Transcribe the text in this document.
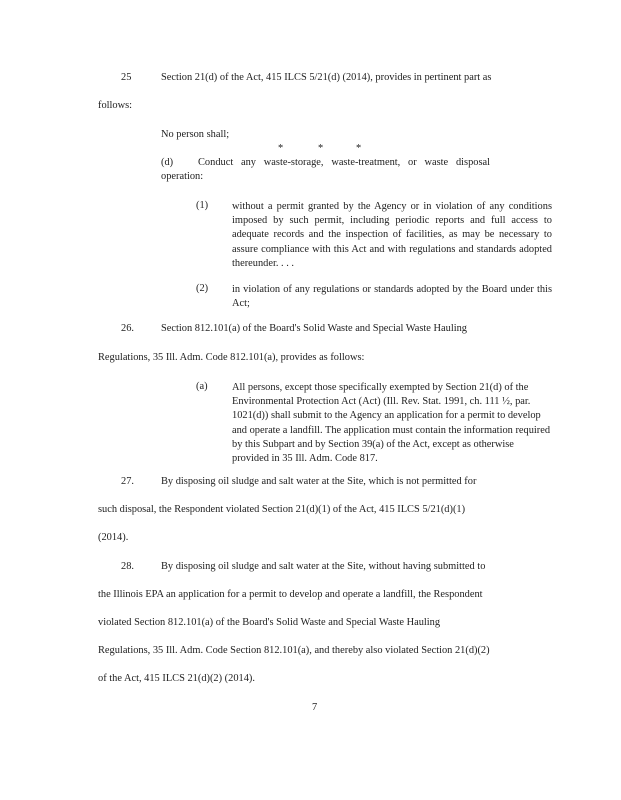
25	Section 21(d) of the Act, 415 ILCS 5/21(d) (2014), provides in pertinent part as
follows:
No person shall;
*	*	*
(d) Conduct   any   waste-storage,   waste-treatment,   or   waste   disposal
operation:
(1) without a permit granted by the Agency or in violation of any conditions imposed by such permit, including periodic reports and full access to adequate records and the inspection of facilities, as may be necessary to assure compliance with this Act and with regulations and standards adopted thereunder. . . .
(2) in violation of any regulations or standards adopted by the Board under this Act;
26.	Section 812.101(a) of the Board's Solid Waste and Special Waste Hauling
Regulations, 35 Ill. Adm. Code 812.101(a), provides as follows:
(a) All persons, except those specifically exempted by Section 21(d) of the Environmental Protection Act (Act) (Ill. Rev. Stat. 1991, ch. 111 ½, par. 1021(d)) shall submit to the Agency an application for a permit to develop and operate a landfill. The application must contain the information required by this Subpart and by Section 39(a) of the Act, except as otherwise provided in 35 Ill. Adm. Code 817.
27.	By disposing oil sludge and salt water at the Site, which is not permitted for
such disposal, the Respondent violated Section 21(d)(1) of the Act, 415 ILCS 5/21(d)(1)
(2014).
28.	By disposing oil sludge and salt water at the Site, without having submitted to
the Illinois EPA an application for a permit to develop and operate a landfill, the Respondent
violated Section 812.101(a) of the Board's Solid Waste and Special Waste Hauling
Regulations, 35 Ill. Adm. Code Section 812.101(a), and thereby also violated Section 21(d)(2)
of the Act, 415 ILCS 21(d)(2) (2014).
7
